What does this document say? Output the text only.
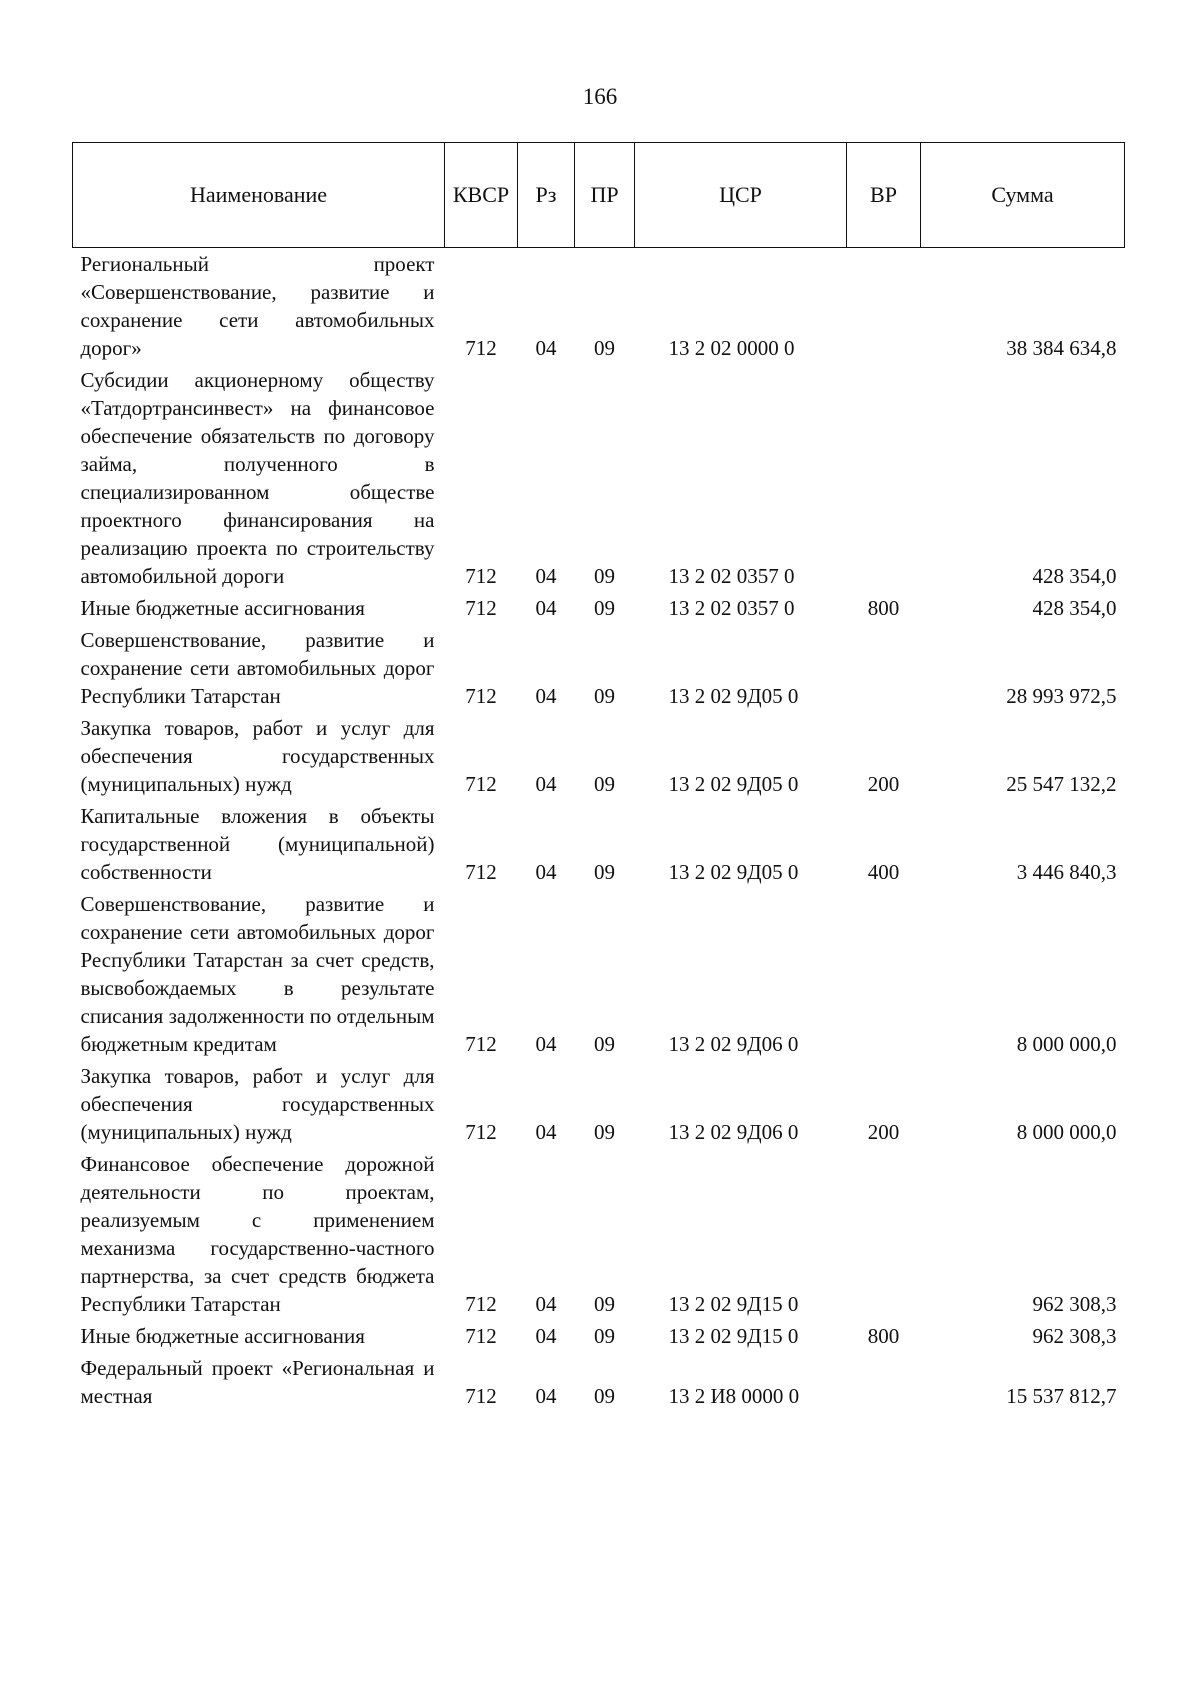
166
Наименование	КВСР	Рз	ПР	ЦСР	ВР	Сумма
Региональный проект «Совершенствование, развитие и сохранение сети автомобильных дорог»	712	04	09	13 2 02 0000 0		38 384 634,8
Субсидии акционерному обществу «Татдортрансинвест» на финансовое обеспечение обязательств по договору займа, полученного в специализированном обществе проектного финансирования на реализацию проекта по строительству автомобильной дороги	712	04	09	13 2 02 0357 0		428 354,0
Иные бюджетные ассигнования	712	04	09	13 2 02 0357 0	800	428 354,0
Совершенствование, развитие и сохранение сети автомобильных дорог Республики Татарстан	712	04	09	13 2 02 9Д05 0		28 993 972,5
Закупка товаров, работ и услуг для обеспечения государственных (муниципальных) нужд	712	04	09	13 2 02 9Д05 0	200	25 547 132,2
Капитальные вложения в объекты государственной (муниципальной) собственности	712	04	09	13 2 02 9Д05 0	400	3 446 840,3
Совершенствование, развитие и сохранение сети автомобильных дорог Республики Татарстан за счет средств, высвобождаемых в результате списания задолженности по отдельным бюджетным кредитам	712	04	09	13 2 02 9Д06 0		8 000 000,0
Закупка товаров, работ и услуг для обеспечения государственных (муниципальных) нужд	712	04	09	13 2 02 9Д06 0	200	8 000 000,0
Финансовое обеспечение дорожной деятельности по проектам, реализуемым с применением механизма государственно-частного партнерства, за счет средств бюджета Республики Татарстан	712	04	09	13 2 02 9Д15 0		962 308,3
Иные бюджетные ассигнования	712	04	09	13 2 02 9Д15 0	800	962 308,3
Федеральный проект «Региональная и местная	712	04	09	13 2 И8 0000 0		15 537 812,7
